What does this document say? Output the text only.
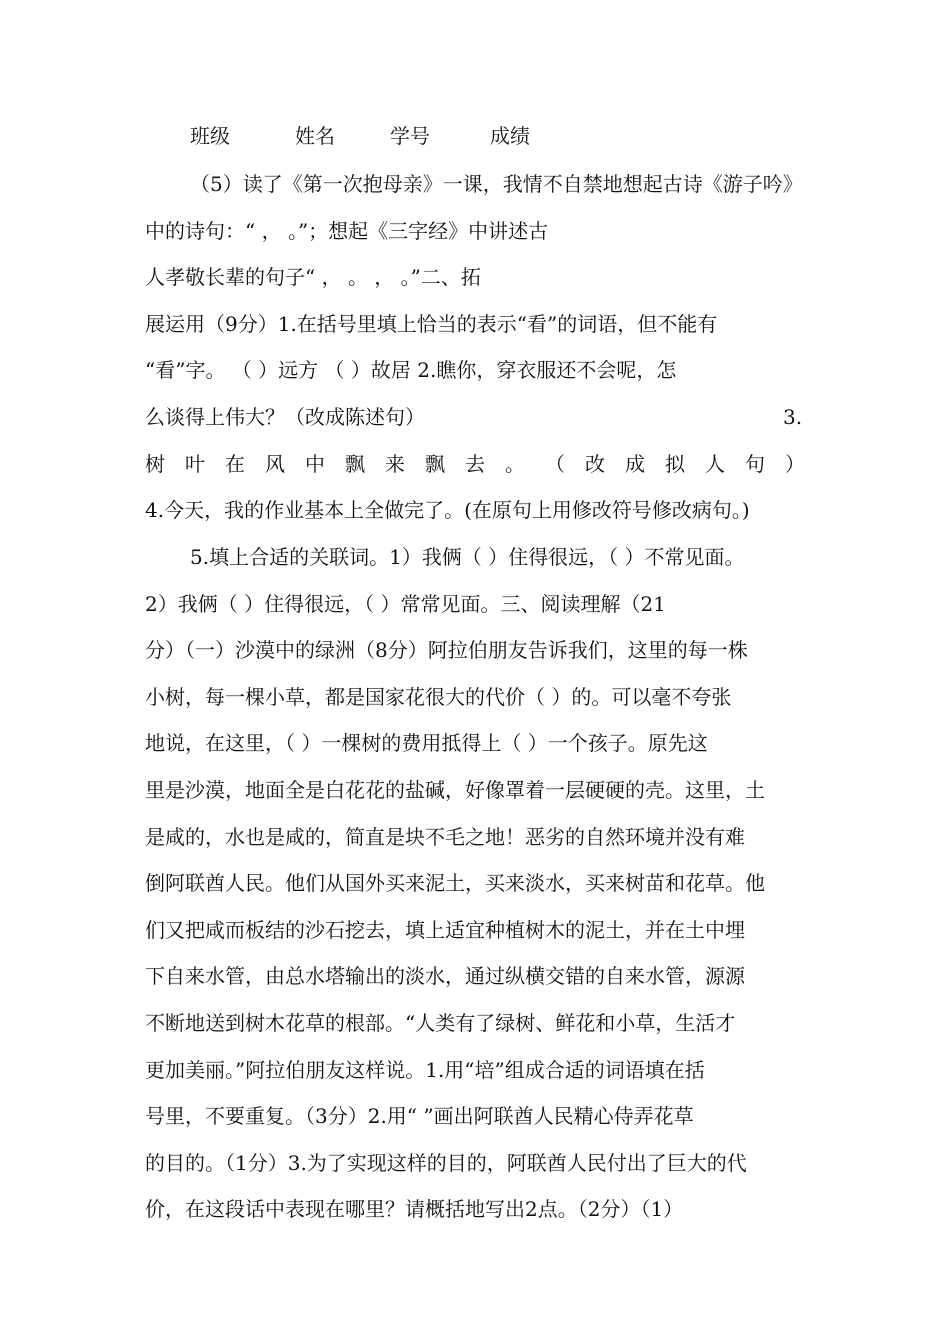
班级	姓名	学号	成绩
（5）读了《第一次抱母亲》一课，我情不自禁地想起古诗《游子吟》
中的诗句：“ ， 。”；想起《三字经》中讲述古
人孝敬长辈的句子“ ， 。 ， 。”二、拓
展运用（9分）1.在括号里填上恰当的表示“看”的词语，但不能有
“看”字。 （ ）远方 （ ）故居 2.瞧你，穿衣服还不会呢，怎
么谈得上伟大？（改成陈述句）	3.
树 叶 在 风 中 飘 来 飘 去 。 （ 改 成 拟 人 句 ）
4.今天，我的作业基本上全做完了。(在原句上用修改符号修改病句。)
5.填上合适的关联词。1）我俩（ ）住得很远，（ ）不常见面。
2）我俩（ ）住得很远，（ ）常常见面。三、阅读理解（21
分）（一）沙漠中的绿洲（8分）阿拉伯朋友告诉我们，这里的每一株
小树，每一棵小草，都是国家花很大的代价（ ）的。可以毫不夸张
地说，在这里，（ ）一棵树的费用抵得上（ ）一个孩子。原先这
里是沙漠，地面全是白花花的盐碱，好像罩着一层硬硬的壳。这里，土
是咸的，水也是咸的，简直是块不毛之地！恶劣的自然环境并没有难
倒阿联酋人民。他们从国外买来泥土，买来淡水，买来树苗和花草。他
们又把咸而板结的沙石挖去，填上适宜种植树木的泥土，并在土中埋
下自来水管，由总水塔输出的淡水，通过纵横交错的自来水管，源源
不断地送到树木花草的根部。“人类有了绿树、鲜花和小草，生活才
更加美丽。”阿拉伯朋友这样说。1.用“培”组成合适的词语填在括
号里，不要重复。（3分）2.用“ ”画出阿联酋人民精心侍弄花草
的目的。（1分）3.为了实现这样的目的，阿联酋人民付出了巨大的代
价，在这段话中表现在哪里？请概括地写出2点。（2分）（1）
